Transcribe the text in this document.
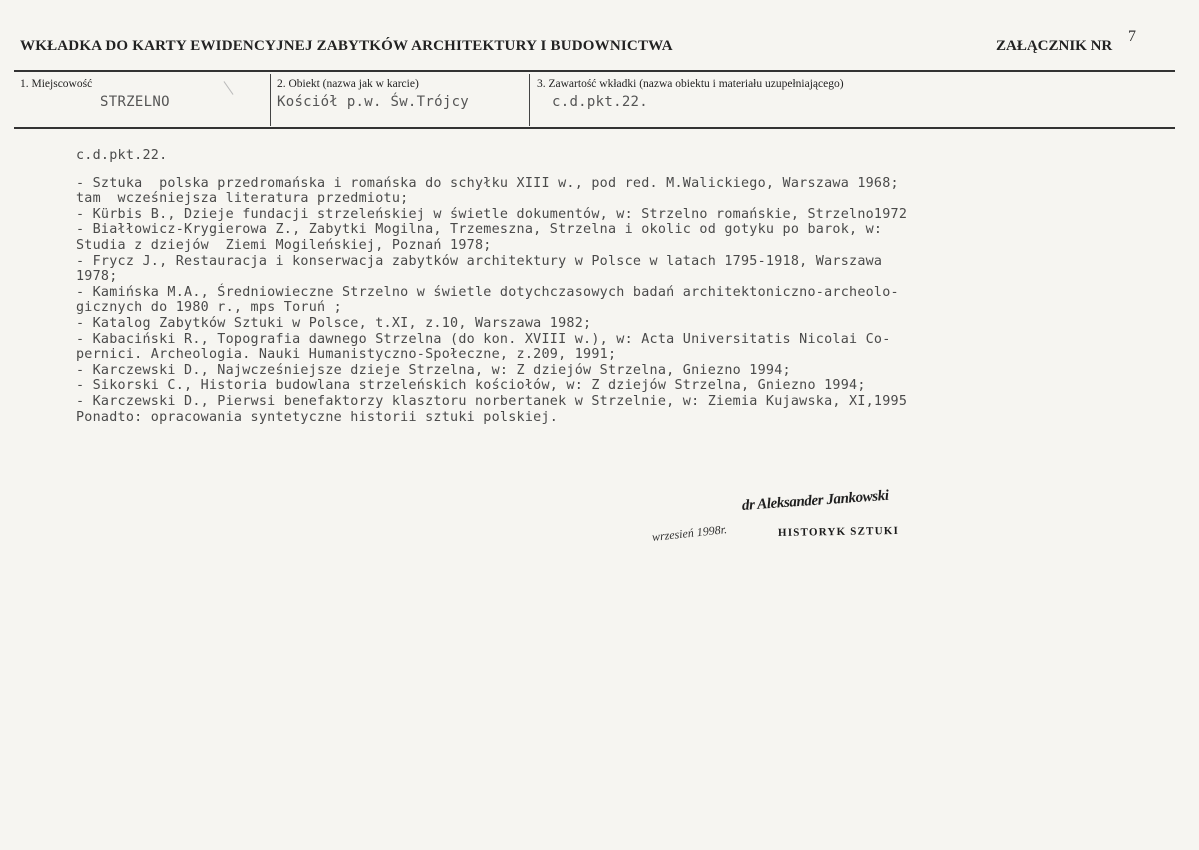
WKŁADKA DO KARTY EWIDENCYJNEJ ZABYTKÓW ARCHITEKTURY I BUDOWNICTWA	ZAŁĄCZNIK NR
7
1. Miejscowość
STRZELNO
2. Obiekt (nazwa jak w karcie)
Kościół p.w. Św.Trójcy
3. Zawartość wkładki (nazwa obiektu i materiału uzupełniającego)
c.d.pkt.22.
c.d.pkt.22.
- Sztuka  polska przedromańska i romańska do schyłku XIII w., pod red. M.Walickiego, Warszawa 1968;
tam  wcześniejsza literatura przedmiotu;
- Kürbis B., Dzieje fundacji strzeleńskiej w świetle dokumentów, w: Strzelno romańskie, Strzelno1972
- Białłowicz-Krygierowa Z., Zabytki Mogilna, Trzemeszna, Strzelna i okolic od gotyku po barok, w:
Studia z dziejów  Ziemi Mogileńskiej, Poznań 1978;
- Frycz J., Restauracja i konserwacja zabytków architektury w Polsce w latach 1795-1918, Warszawa
1978;
- Kamińska M.A., Średniowieczne Strzelno w świetle dotychczasowych badań architektoniczno-archeolo-
gicznych do 1980 r., mps Toruń ;
- Katalog Zabytków Sztuki w Polsce, t.XI, z.10, Warszawa 1982;
- Kabaciński R., Topografia dawnego Strzelna (do kon. XVIII w.), w: Acta Universitatis Nicolai Co-
pernici. Archeologia. Nauki Humanistyczno-Społeczne, z.209, 1991;
- Karczewski D., Najwcześniejsze dzieje Strzelna, w: Z dziejów Strzelna, Gniezno 1994;
- Sikorski C., Historia budowlana strzeleńskich kościołów, w: Z dziejów Strzelna, Gniezno 1994;
- Karczewski D., Pierwsi benefaktorzy klasztoru norbertanek w Strzelnie, w: Ziemia Kujawska, XI,1995
Ponadto: opracowania syntetyczne historii sztuki polskiej.
dr Aleksander Jankowski
wrzesień 1998r.	HISTORYK SZTUKI
